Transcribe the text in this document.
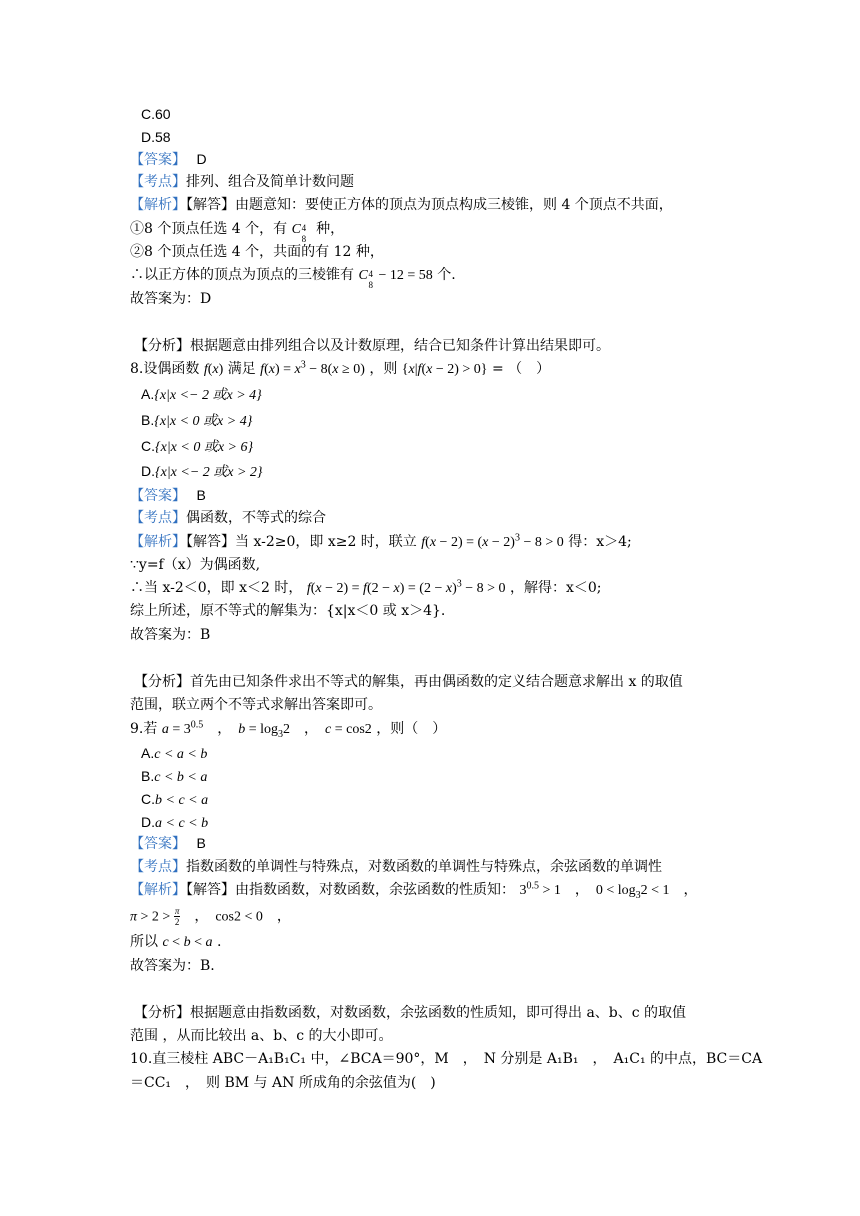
C.60
D.58
【答案】 D
【考点】排列、组合及简单计数问题
【解析】【解答】由题意知：要使正方体的顶点为顶点构成三棱锥，则 4 个顶点不共面，
①8 个顶点任选 4 个，有 C 4
8
种，
②8 个顶点任选 4 个，共面的有 12 种，
∴以正方体的顶点为顶点的三棱锥有 C 4
8
− 12 = 58 个.
故答案为：D
【分析】根据题意由排列组合以及计数原理，结合已知条件计算出结果即可。
8.设偶函数 f(x) 满足 $f(x) = x^3 - 8(x \ge 0)$ ，则 {x|f(x − 2) > 0} = （　）
A.{x|x <− 2 或x > 4}
B.{x|x < 0 或x > 4}
C.{x|x < 0 或x > 6}
D.{x|x <− 2 或x > 2}
【答案】 B
【考点】偶函数，不等式的综合
【解析】【解答】当 x-2≥0，即 x≥2 时，联立 $f(x - 2) = (x - 2)^3 - 8 > 0$ 得：x＞4;
∵y=f（x）为偶函数,
∴当 x-2＜0，即 x＜2 时， $f(x - 2) = f(2 - x) = (2 - x)^3 - 8 > 0$ ，解得：x＜0;
综上所述，原不等式的解集为：{x|x＜0 或 x＞4}.
故答案为：B
【分析】首先由已知条件求出不等式的解集，再由偶函数的定义结合题意求解出 x 的取值
范围，联立两个不等式求解出答案即可。
9.若 $a = 3^{0.5}$　，　$b = \log_32$　，　c = cos2 ，则（　）
A.c < a < b
B.c < b < a
C.b < c < a
D.a < c < b
【答案】 B
【考点】指数函数的单调性与特殊点，对数函数的单调性与特殊点，余弦函数的单调性
【解析】【解答】由指数函数，对数函数，余弦函数的性质知： $3^{0.5} > 1$　，　$0 < \log_32 < 1$　，
$\pi > 2 > \frac{\pi}{2}$ 　，　cos2 < 0　，
所以 c < b < a .
故答案为：B.
【分析】根据题意由指数函数，对数函数，余弦函数的性质知，即可得出 a、b、c 的取值
范围 ，从而比较出 a、b、c 的大小即可。
10.直三棱柱 ABC－A₁B₁C₁ 中，∠BCA＝90°，M　，　N 分别是 A₁B₁　，　A₁C₁ 的中点，BC＝CA
＝CC₁　，　则 BM 与 AN 所成角的余弦值为(　)
